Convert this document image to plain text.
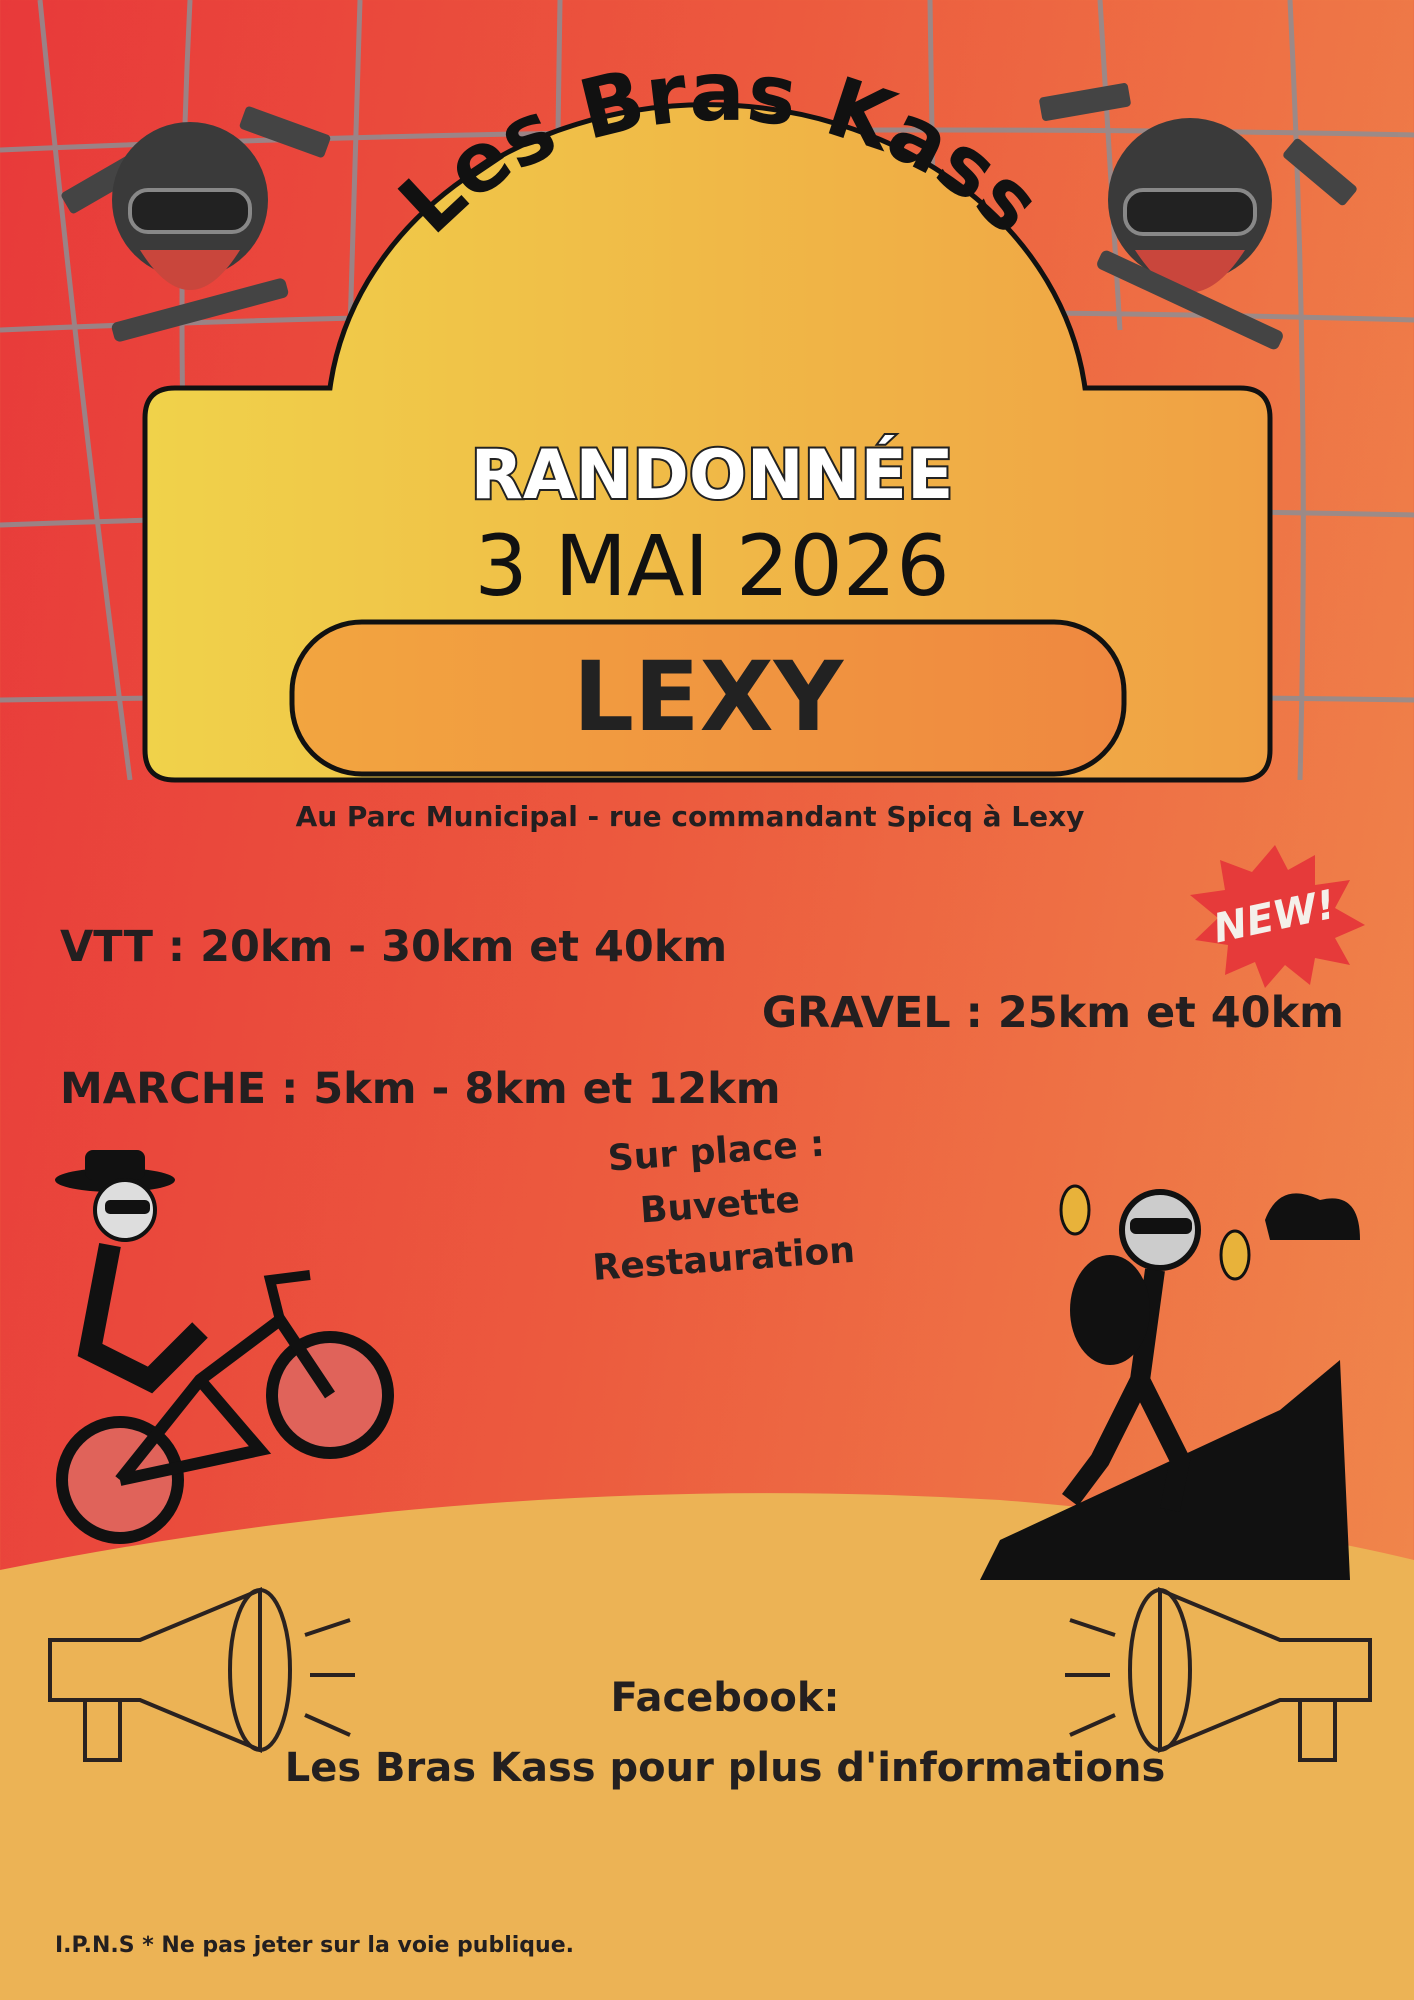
Les Bras Kass
RANDONNÉE
3 MAI 2026
LEXY
Au Parc Municipal - rue commandant Spicq à Lexy
VTT : 20km - 30km et 40km
GRAVEL : 25km et 40km
MARCHE : 5km - 8km et 12km
NEW!
Sur place :
Buvette
Restauration
Facebook:
Les Bras Kass pour plus d'informations
I.P.N.S * Ne pas jeter sur la voie publique.
